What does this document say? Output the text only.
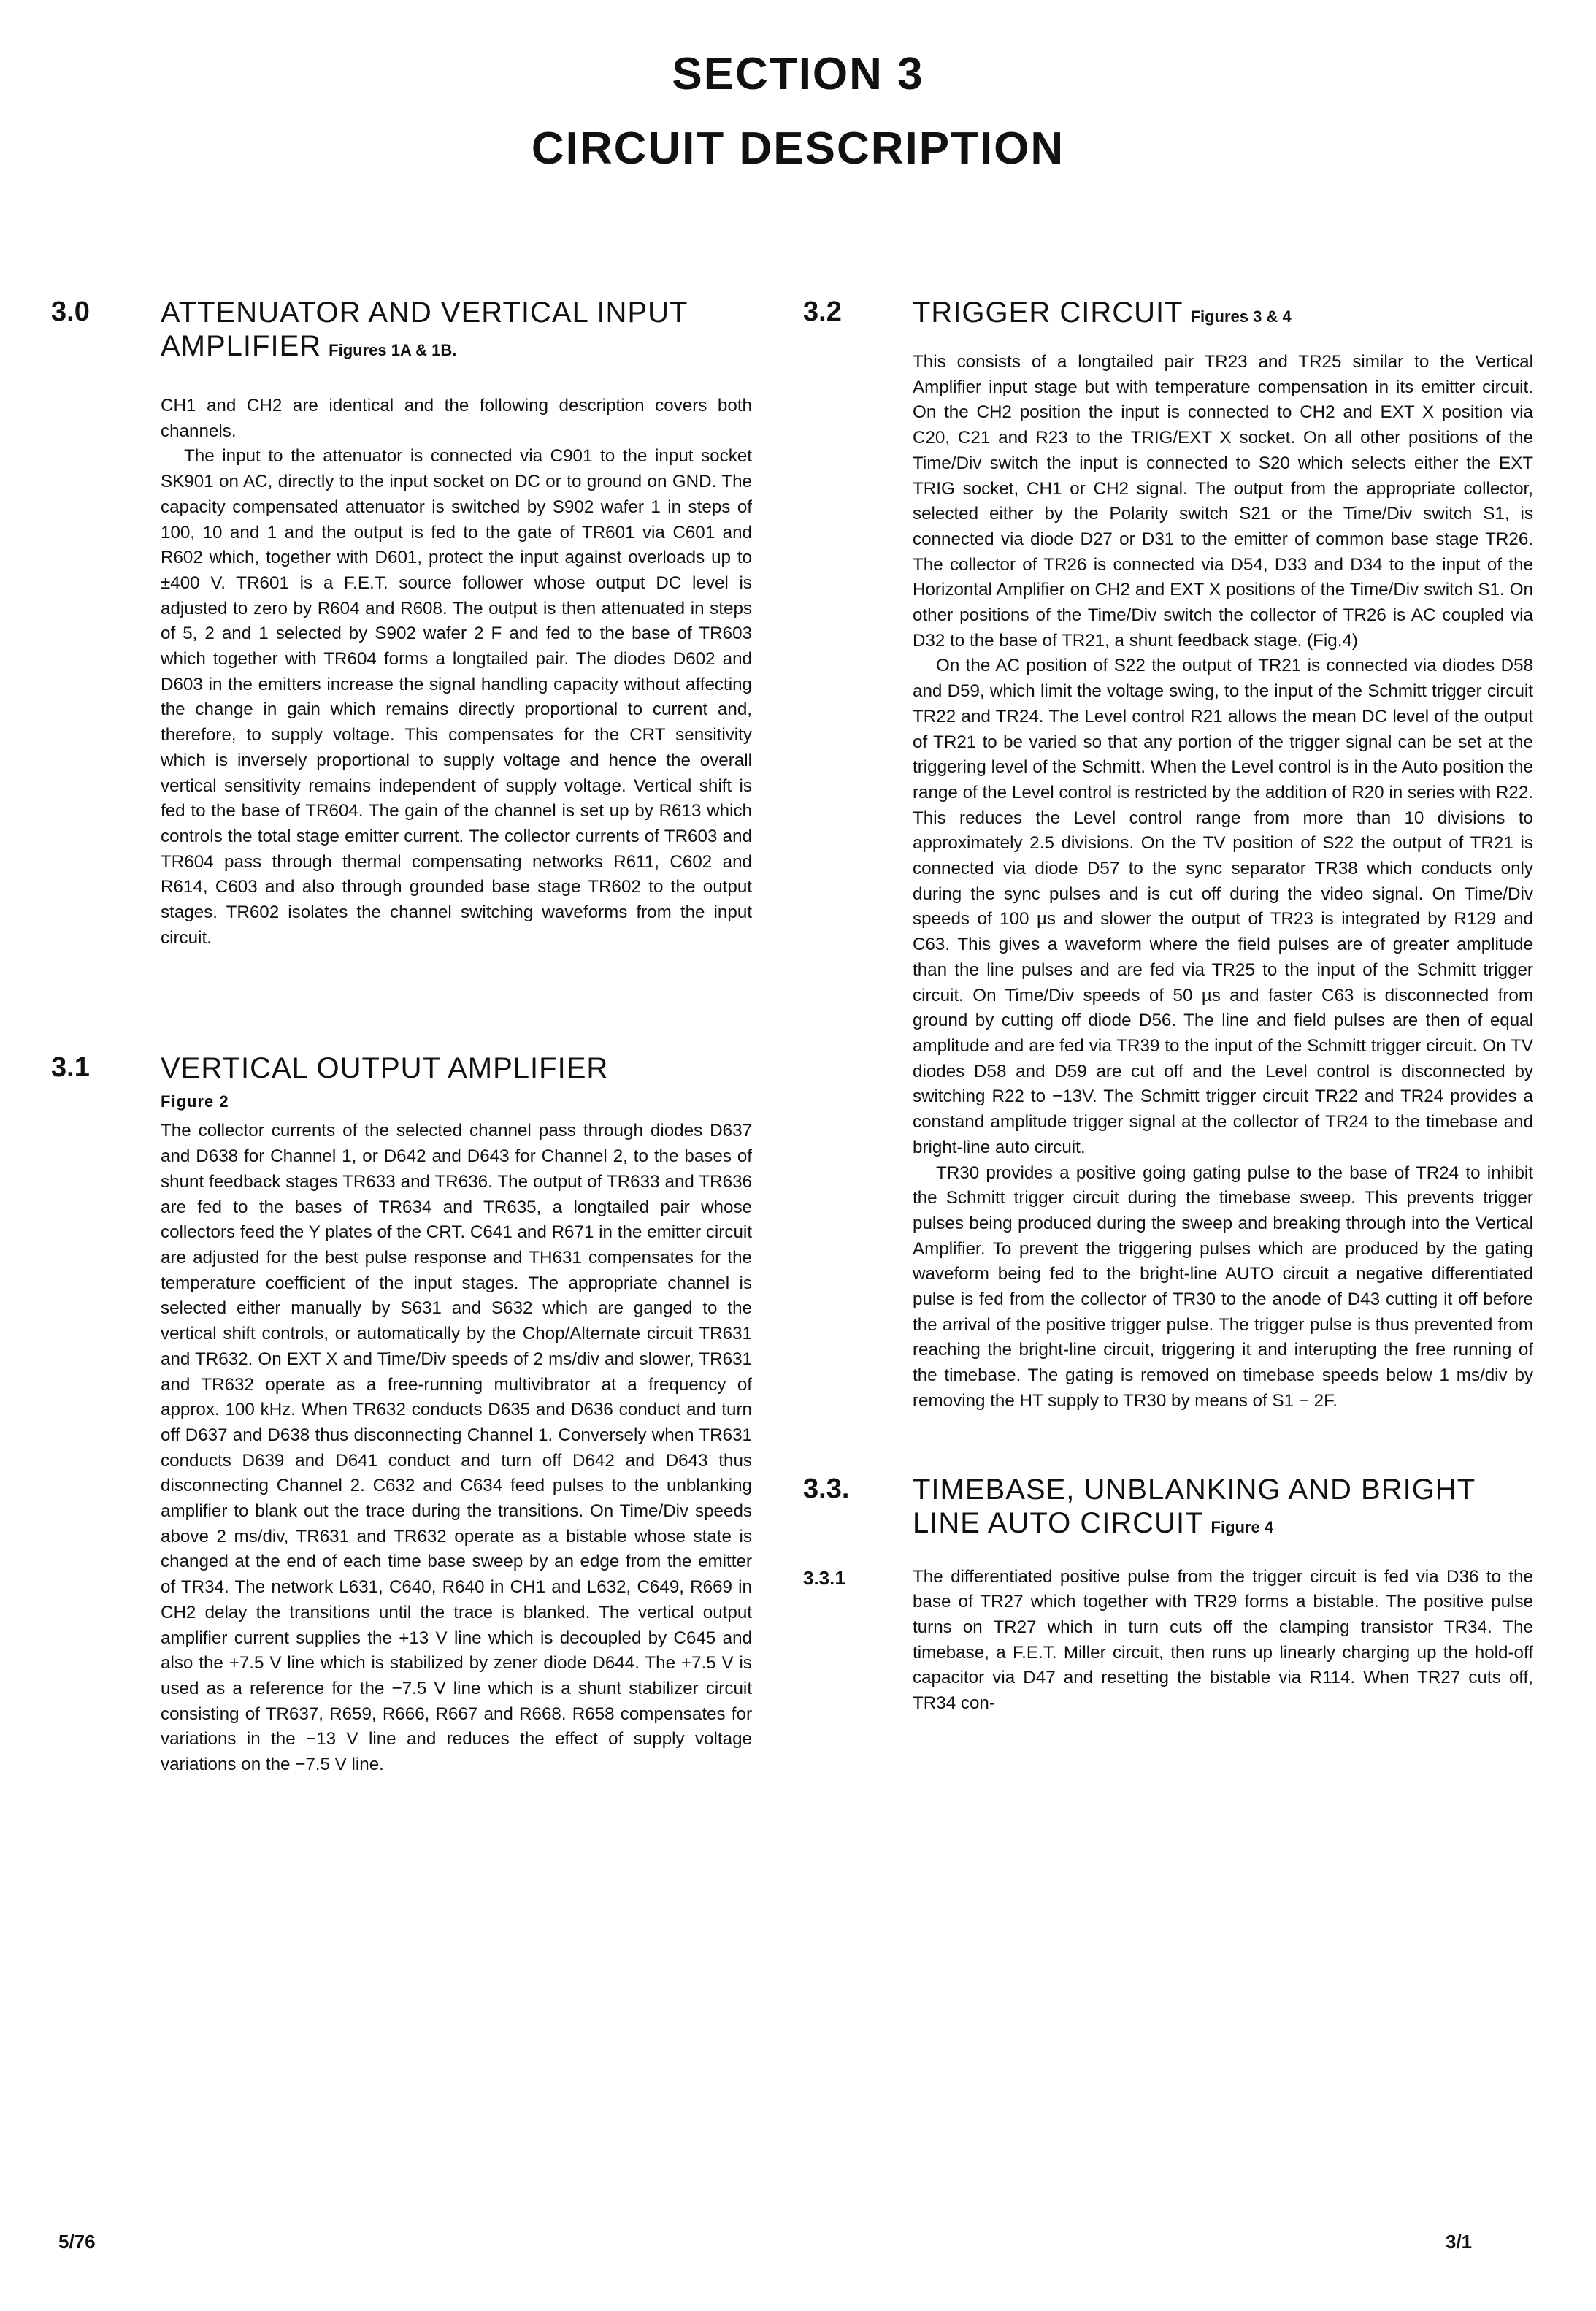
SECTION 3
CIRCUIT DESCRIPTION
3.0	ATTENUATOR AND VERTICAL INPUT
AMPLIFIER Figures 1A & 1B.

CH1 and CH2 are identical and the following description covers both channels.

The input to the attenuator is connected via C901 to the input socket SK901 on AC, directly to the input socket on DC or to ground on GND. The capacity compensated attenuator is switched by S902 wafer 1 in steps of 100, 10 and 1 and the output is fed to the gate of TR601 via C601 and R602 which, together with D601, protect the input against overloads up to ±400 V. TR601 is a F.E.T. source follower whose output DC level is adjusted to zero by R604 and R608. The output is then attenuated in steps of 5, 2 and 1 selected by S902 wafer 2 F and fed to the base of TR603 which together with TR604 forms a longtailed pair. The diodes D602 and D603 in the emitters increase the signal handling capacity without affecting the change in gain which remains directly proportional to current and, therefore, to supply voltage. This compensates for the CRT sensitivity which is inversely proportional to supply voltage and hence the overall vertical sensitivity remains independent of supply voltage. Vertical shift is fed to the base of TR604. The gain of the channel is set up by R613 which controls the total stage emitter current. The collector currents of TR603 and TR604 pass through thermal compensating networks R611, C602 and R614, C603 and also through grounded base stage TR602 to the output stages. TR602 isolates the channel switching waveforms from the input circuit.

3.1	VERTICAL OUTPUT AMPLIFIER
Figure 2

The collector currents of the selected channel pass through diodes D637 and D638 for Channel 1, or D642 and D643 for Channel 2, to the bases of shunt feedback stages TR633 and TR636. The output of TR633 and TR636 are fed to the bases of TR634 and TR635, a longtailed pair whose collectors feed the Y plates of the CRT. C641 and R671 in the emitter circuit are adjusted for the best pulse response and TH631 compensates for the temperature coefficient of the input stages. The appropriate channel is selected either manually by S631 and S632 which are ganged to the vertical shift controls, or automatically by the Chop/Alternate circuit TR631 and TR632. On EXT X and Time/Div speeds of 2 ms/div and slower, TR631 and TR632 operate as a free-running multivibrator at a frequency of approx. 100 kHz. When TR632 conducts D635 and D636 conduct and turn off D637 and D638 thus disconnecting Channel 1. Conversely when TR631 conducts D639 and D641 conduct and turn off D642 and D643 thus disconnecting Channel 2. C632 and C634 feed pulses to the unblanking amplifier to blank out the trace during the transitions. On Time/Div speeds above 2 ms/div, TR631 and TR632 operate as a bistable whose state is changed at the end of each time base sweep by an edge from the emitter of TR34. The network L631, C640, R640 in CH1 and L632, C649, R669 in CH2 delay the transitions until the trace is blanked. The vertical output amplifier current supplies the +13 V line which is decoupled by C645 and also the +7.5 V line which is stabilized by zener diode D644. The +7.5 V is used as a reference for the −7.5 V line which is a shunt stabilizer circuit consisting of TR637, R659, R666, R667 and R668. R658 compensates for variations in the −13 V line and reduces the effect of supply voltage variations on the −7.5 V line.

3.2	TRIGGER CIRCUIT Figures 3 & 4

This consists of a longtailed pair TR23 and TR25 similar to the Vertical Amplifier input stage but with temperature compensation in its emitter circuit. On the CH2 position the input is connected to CH2 and EXT X position via C20, C21 and R23 to the TRIG/EXT X socket. On all other positions of the Time/Div switch the input is connected to S20 which selects either the EXT TRIG socket, CH1 or CH2 signal. The output from the appropriate collector, selected either by the Polarity switch S21 or the Time/Div switch S1, is connected via diode D27 or D31 to the emitter of common base stage TR26. The collector of TR26 is connected via D54, D33 and D34 to the input of the Horizontal Amplifier on CH2 and EXT X positions of the Time/Div switch S1. On other positions of the Time/Div switch the collector of TR26 is AC coupled via D32 to the base of TR21, a shunt feedback stage. (Fig.4)

On the AC position of S22 the output of TR21 is connected via diodes D58 and D59, which limit the voltage swing, to the input of the Schmitt trigger circuit TR22 and TR24. The Level control R21 allows the mean DC level of the output of TR21 to be varied so that any portion of the trigger signal can be set at the triggering level of the Schmitt. When the Level control is in the Auto position the range of the Level control is restricted by the addition of R20 in series with R22. This reduces the Level control range from more than 10 divisions to approximately 2.5 divisions. On the TV position of S22 the output of TR21 is connected via diode D57 to the sync separator TR38 which conducts only during the sync pulses and is cut off during the video signal. On Time/Div speeds of 100 µs and slower the output of TR23 is integrated by R129 and C63. This gives a waveform where the field pulses are of greater amplitude than the line pulses and are fed via TR25 to the input of the Schmitt trigger circuit. On Time/Div speeds of 50 µs and faster C63 is disconnected from ground by cutting off diode D56. The line and field pulses are then of equal amplitude and are fed via TR39 to the input of the Schmitt trigger circuit. On TV diodes D58 and D59 are cut off and the Level control is disconnected by switching R22 to −13V. The Schmitt trigger circuit TR22 and TR24 provides a constand amplitude trigger signal at the collector of TR24 to the timebase and bright-line auto circuit.

TR30 provides a positive going gating pulse to the base of TR24 to inhibit the Schmitt trigger circuit during the timebase sweep. This prevents trigger pulses being produced during the sweep and breaking through into the Vertical Amplifier. To prevent the triggering pulses which are produced by the gating waveform being fed to the bright-line AUTO circuit a negative differentiated pulse is fed from the collector of TR30 to the anode of D43 cutting it off before the arrival of the positive trigger pulse. The trigger pulse is thus prevented from reaching the bright-line circuit, triggering it and interupting the free running of the timebase. The gating is removed on timebase speeds below 1 ms/div by removing the HT supply to TR30 by means of S1 − 2F.

3.3.	TIMEBASE, UNBLANKING AND BRIGHT
LINE AUTO CIRCUIT Figure 4
3.3.1	The differentiated positive pulse from the trigger circuit is fed via D36 to the base of TR27 which together with TR29 forms a bistable. The positive pulse turns on TR27 which in turn cuts off the clamping transistor TR34. The timebase, a F.E.T. Miller circuit, then runs up linearly charging up the hold-off capacitor via D47 and resetting the bistable via R114. When TR27 cuts off, TR34 con-

5/76	3/1
